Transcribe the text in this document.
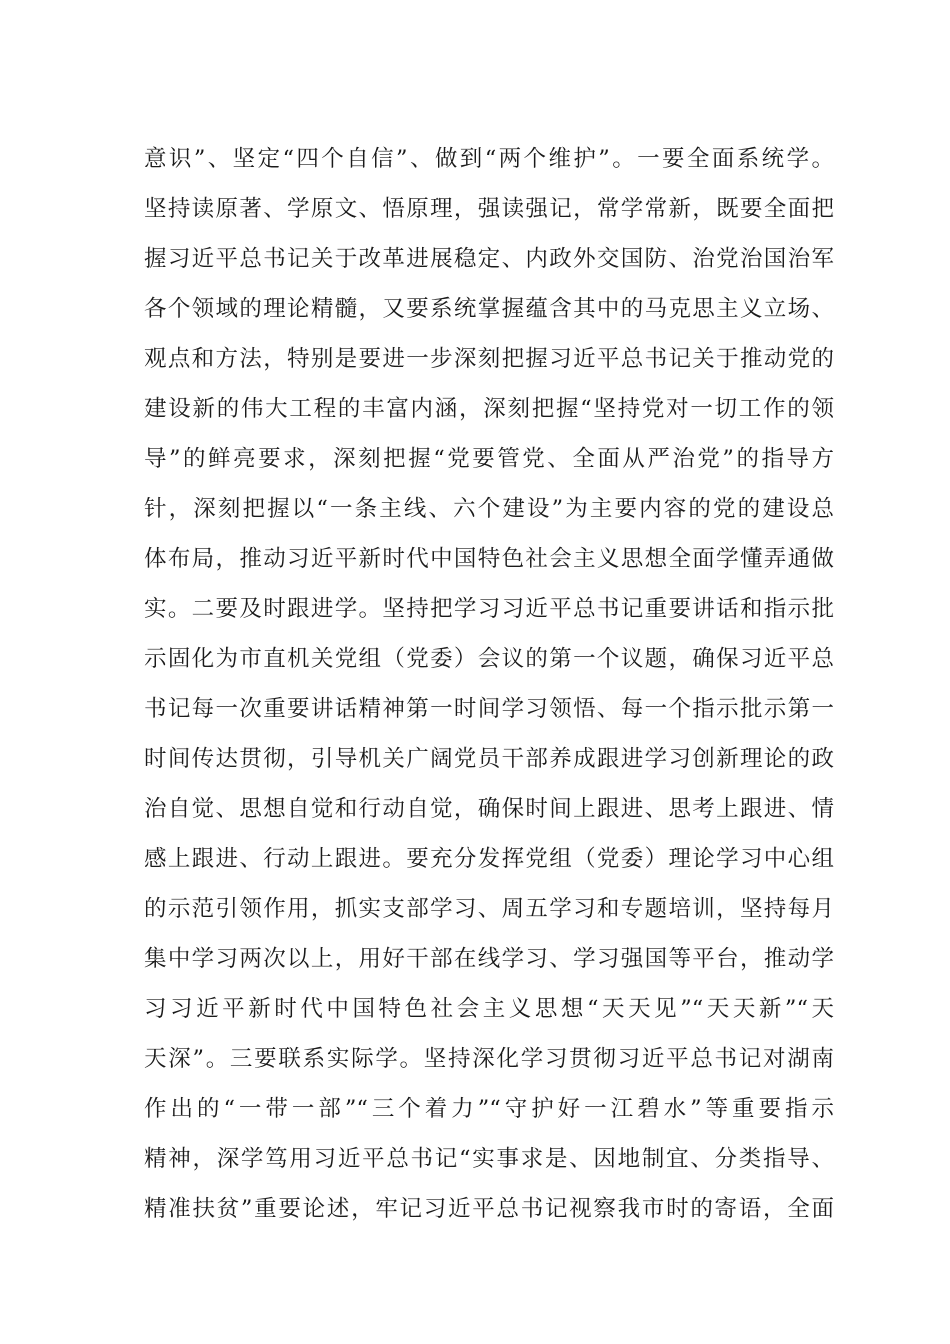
意识”、坚定“四个自信”、做到“两个维护”。一要全面系统学。
坚持读原著、学原文、悟原理，强读强记，常学常新，既要全面把
握习近平总书记关于改革进展稳定、内政外交国防、治党治国治军
各个领域的理论精髓，又要系统掌握蕴含其中的马克思主义立场、
观点和方法，特别是要进一步深刻把握习近平总书记关于推动党的
建设新的伟大工程的丰富内涵，深刻把握“坚持党对一切工作的领
导”的鲜亮要求，深刻把握“党要管党、全面从严治党”的指导方
针，深刻把握以“一条主线、六个建设”为主要内容的党的建设总
体布局，推动习近平新时代中国特色社会主义思想全面学懂弄通做
实。二要及时跟进学。坚持把学习习近平总书记重要讲话和指示批
示固化为市直机关党组（党委）会议的第一个议题，确保习近平总
书记每一次重要讲话精神第一时间学习领悟、每一个指示批示第一
时间传达贯彻，引导机关广阔党员干部养成跟进学习创新理论的政
治自觉、思想自觉和行动自觉，确保时间上跟进、思考上跟进、情
感上跟进、行动上跟进。要充分发挥党组（党委）理论学习中心组
的示范引领作用，抓实支部学习、周五学习和专题培训，坚持每月
集中学习两次以上，用好干部在线学习、学习强国等平台，推动学
习习近平新时代中国特色社会主义思想“天天见”“天天新”“天
天深”。三要联系实际学。坚持深化学习贯彻习近平总书记对湖南
作出的“一带一部”“三个着力”“守护好一江碧水”等重要指示
精神，深学笃用习近平总书记“实事求是、因地制宜、分类指导、
精准扶贫”重要论述，牢记习近平总书记视察我市时的寄语，全面
